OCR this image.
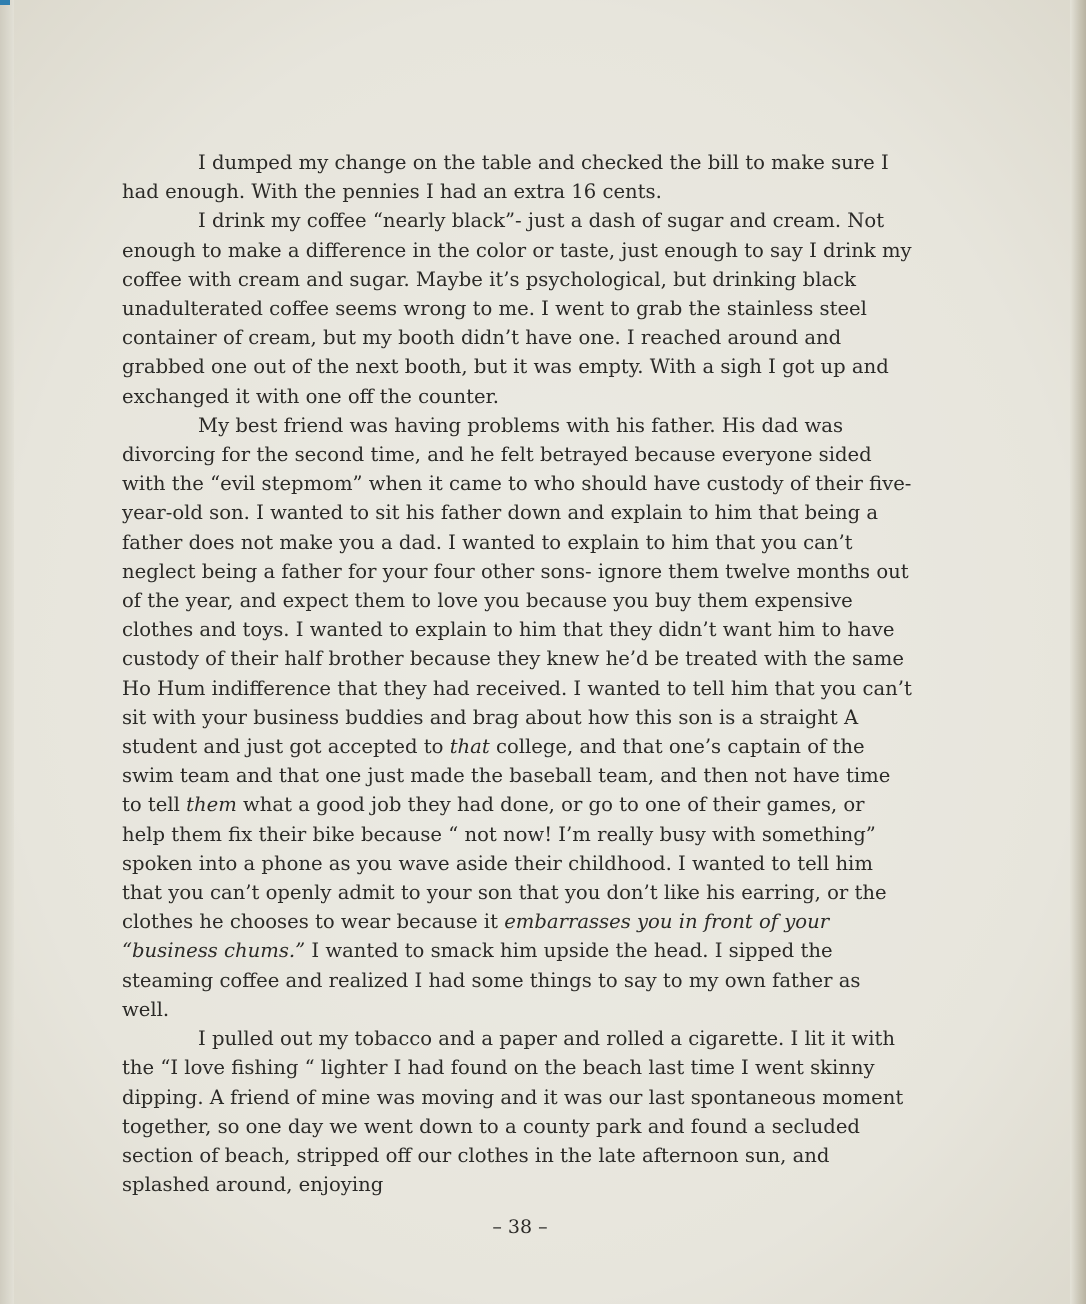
I dumped my change on the table and checked the bill to make sure I had enough. With the pennies I had an extra 16 cents.

I drink my coffee “nearly black”- just a dash of sugar and cream. Not enough to make a difference in the color or taste, just enough to say I drink my coffee with cream and sugar. Maybe it’s psychological, but drinking black unadulterated coffee seems wrong to me. I went to grab the stainless steel container of cream, but my booth didn’t have one. I reached around and grabbed one out of the next booth, but it was empty. With a sigh I got up and exchanged it with one off the counter.

My best friend was having problems with his father. His dad was divorcing for the second time, and he felt betrayed because everyone sided with the “evil stepmom” when it came to who should have custody of their five-year-old son. I wanted to sit his father down and explain to him that being a father does not make you a dad. I wanted to explain to him that you can’t neglect being a father for your four other sons- ignore them twelve months out of the year, and expect them to love you because you buy them expensive clothes and toys. I wanted to explain to him that they didn’t want him to have custody of their half brother because they knew he’d be treated with the same Ho Hum indifference that they had received. I wanted to tell him that you can’t sit with your business buddies and brag about how this son is a straight A student and just got accepted to that college, and that one’s captain of the swim team and that one just made the baseball team, and then not have time to tell them what a good job they had done, or go to one of their games, or help them fix their bike because “ not now! I’m really busy with something” spoken into a phone as you wave aside their childhood. I wanted to tell him that you can’t openly admit to your son that you don’t like his earring, or the clothes he chooses to wear because it embarrasses you in front of your “business chums.” I wanted to smack him upside the head. I sipped the steaming coffee and realized I had some things to say to my own father as well.

I pulled out my tobacco and a paper and rolled a cigarette. I lit it with the “I love fishing “ lighter I had found on the beach last time I went skinny dipping. A friend of mine was moving and it was our last spontaneous moment together, so one day we went down to a county park and found a secluded section of beach, stripped off our clothes in the late afternoon sun, and splashed around, enjoying

– 38 –
